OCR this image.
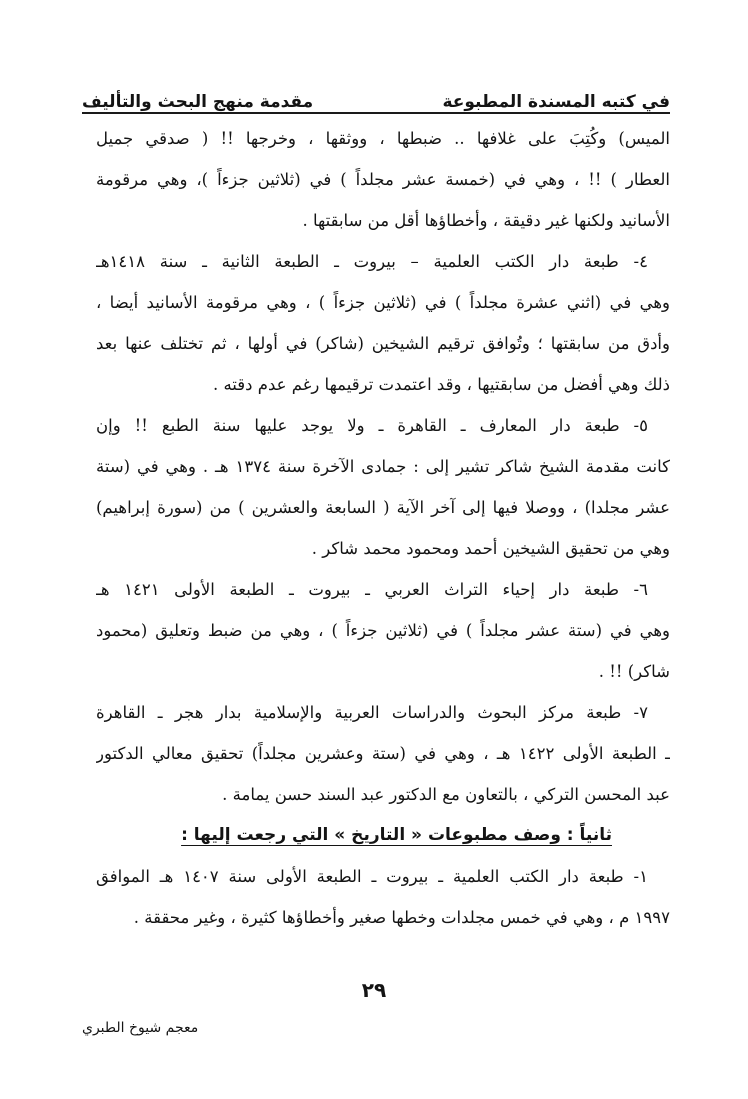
في كتبه المسندة المطبوعة
مقدمة منهج البحث والتأليف
الميس) وكُتِبَ على غلافها .. ضبطها ، ووثقها ، وخرجها !! ( صدقي جميل
العطار ) !! ، وهي في (خمسة عشر مجلداً ) في (ثلاثين جزءاً )، وهي مرقومة
الأسانيد ولكنها غير دقيقة ، وأخطاؤها أقل من سابقتها .
٤- طبعة دار الكتب العلمية – بيروت ـ الطبعة الثانية ـ سنة ١٤١٨هـ
وهي في (اثني عشرة مجلداً ) في (ثلاثين جزءاً ) ، وهي مرقومة الأسانيد أيضا ،
وأدق من سابقتها ؛ وتُوافق ترقيم الشيخين (شاكر) في أولها ، ثم تختلف عنها بعد
ذلك وهي أفضل من سابقتيها ، وقد اعتمدت ترقيمها رغم عدم دقته .
٥- طبعة دار المعارف ـ القاهرة ـ ولا يوجد عليها سنة الطبع !! وإن
كانت مقدمة الشيخ شاكر تشير إلى : جمادى الآخرة سنة ١٣٧٤ هـ . وهي في (ستة
عشر مجلدا) ، ووصلا فيها إلى آخر الآية ( السابعة والعشرين ) من (سورة إبراهيم)
وهي من تحقيق الشيخين أحمد ومحمود محمد شاكر .
٦- طبعة دار إحياء التراث العربي ـ بيروت ـ الطبعة الأولى ١٤٢١ هـ
وهي في (ستة عشر مجلداً ) في (ثلاثين جزءاً ) ، وهي من ضبط وتعليق (محمود
شاكر) !! .
٧- طبعة مركز البحوث والدراسات العربية والإسلامية بدار هجر ـ القاهرة
ـ الطبعة الأولى ١٤٢٢ هـ ، وهي في (ستة وعشرين مجلداً) تحقيق معالي الدكتور
عبد المحسن التركي ، بالتعاون مع الدكتور عبد السند حسن يمامة .
ثانياً : وصف مطبوعات « التاريخ » التي رجعت إليها :
١- طبعة دار الكتب العلمية ـ بيروت ـ الطبعة الأولى سنة ١٤٠٧ هـ الموافق
١٩٩٧ م ، وهي في خمس مجلدات وخطها صغير وأخطاؤها كثيرة ، وغير محققة .
٢٩
معجم شيوخ الطبري
